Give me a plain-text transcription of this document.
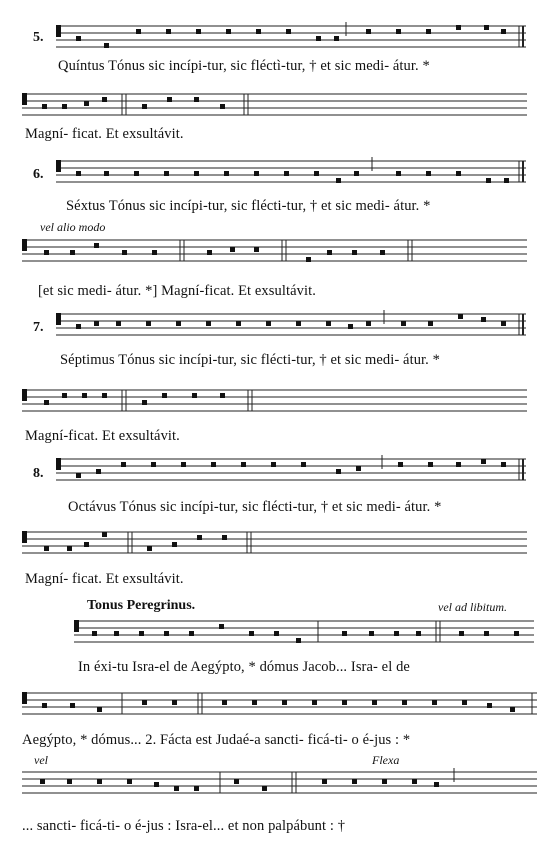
5.
Quíntus Tónus sic incípi-tur, sic fléctì-tur, † et sic medi- átur. *
Magní- ficat. Et exsultávit.
6.
Séxtus Tónus sic incípi-tur, sic flécti-tur, † et sic medi- átur. *
vel alio modo
[et sic medi- átur. *] Magní-ficat. Et exsultávit.
7.
Séptimus Tónus sic incípi-tur, sic flécti-tur, † et sic medi- átur. *
Magní-ficat. Et exsultávit.
8.
Octávus Tónus sic incípi-tur, sic flécti-tur, † et sic medi- átur. *
Magní- ficat. Et exsultávit.
Tonus Peregrinus.	vel ad libitum.
In éxi-tu Isra-el de Aegýpto, * dómus Jacob... Isra- el de
Aegýpto, * dómus... 2. Fácta est Judaé-a sancti- ficá-ti- o é-jus : *
vel	Flexa
... sancti- ficá-ti- o é-jus : Isra-el... et non palpábunt : †
